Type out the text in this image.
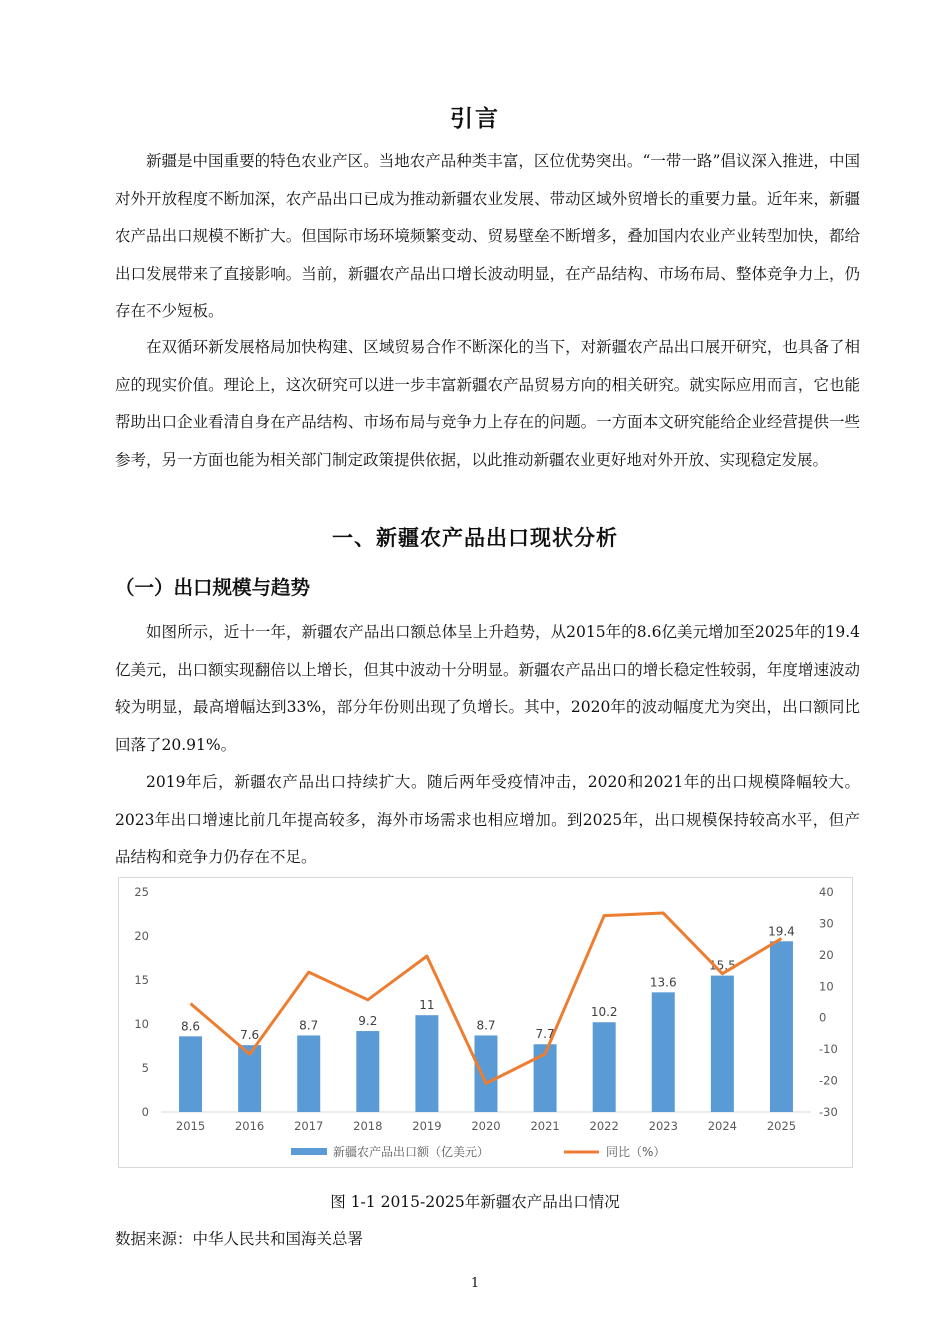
引言

新疆是中国重要的特色农业产区。当地农产品种类丰富，区位优势突出。“一带一路”倡议深入推进，中国对外开放程度不断加深，农产品出口已成为推动新疆农业发展、带动区域外贸增长的重要力量。近年来，新疆农产品出口规模不断扩大。但国际市场环境频繁变动、贸易壁垒不断增多，叠加国内农业产业转型加快，都给出口发展带来了直接影响。当前，新疆农产品出口增长波动明显，在产品结构、市场布局、整体竞争力上，仍存在不少短板。

在双循环新发展格局加快构建、区域贸易合作不断深化的当下，对新疆农产品出口展开研究，也具备了相应的现实价值。理论上，这次研究可以进一步丰富新疆农产品贸易方向的相关研究。就实际应用而言，它也能帮助出口企业看清自身在产品结构、市场布局与竞争力上存在的问题。一方面本文研究能给企业经营提供一些参考，另一方面也能为相关部门制定政策提供依据，以此推动新疆农业更好地对外开放、实现稳定发展。

一、新疆农产品出口现状分析
（一）出口规模与趋势

如图所示，近十一年，新疆农产品出口额总体呈上升趋势，从2015年的8.6亿美元增加至2025年的19.4亿美元，出口额实现翻倍以上增长，但其中波动十分明显。新疆农产品出口的增长稳定性较弱，年度增速波动较为明显，最高增幅达到33%，部分年份则出现了负增长。其中，2020年的波动幅度尤为突出，出口额同比回落了20.91%。

2019年后，新疆农产品出口持续扩大。随后两年受疫情冲击，2020和2021年的出口规模降幅较大。2023年出口增速比前几年提高较多，海外市场需求也相应增加。到2025年，出口规模保持较高水平，但产品结构和竞争力仍存在不足。

0
5
10
15
20
25
-30
-20
-10
0
10
20
30
40
8.6
2015
7.6
2016
8.7
2017
9.2
2018
11
2019
8.7
2020
7.7
2021
10.2
2022
13.6
2023
15.5
2024
19.4
2025
新疆农产品出口额（亿美元）	同比（%）
图 1-1 2015-2025年新疆农产品出口情况
数据来源：中华人民共和国海关总署
1
